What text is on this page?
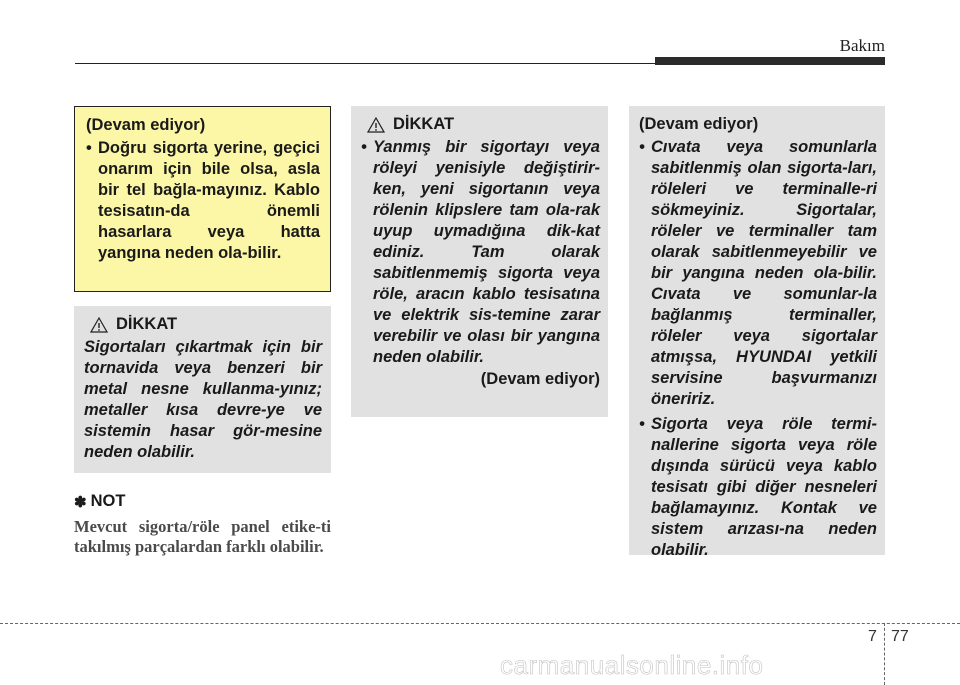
Bakım
(Devam ediyor)
• Doğru sigorta yerine, geçici onarım için bile olsa, asla bir tel bağla-mayınız. Kablo tesisatın-da önemli hasarlara veya hatta yangına neden ola-bilir.
DİKKAT
Sigortaları çıkartmak için bir tornavida veya benzeri bir metal nesne kullanma-yınız; metaller kısa devre-ye ve sistemin hasar gör-mesine neden olabilir.
✽ NOT
Mevcut sigorta/röle panel etike-ti takılmış parçalardan farklı olabilir.
DİKKAT
• Yanmış bir sigortayı veya röleyi yenisiyle değiştirir-ken, yeni sigortanın veya rölenin klipslere tam ola-rak uyup uymadığına dik-kat ediniz. Tam olarak sabitlenmemiş sigorta veya röle, aracın kablo tesisatına ve elektrik sis-temine zarar verebilir ve olası bir yangına neden olabilir.
(Devam ediyor)
(Devam ediyor)
• Cıvata veya somunlarla sabitlenmiş olan sigorta-ları, röleleri ve terminalle-ri sökmeyiniz. Sigortalar, röleler ve terminaller tam olarak sabitlenmeyebilir ve bir yangına neden ola-bilir. Cıvata ve somunlar-la bağlanmış terminaller, röleler veya sigortalar atmışsa, HYUNDAI yetkili servisine başvurmanızı öneririz.
• Sigorta veya röle termi-nallerine sigorta veya röle dışında sürücü veya kablo tesisatı gibi diğer nesneleri bağlamayınız. Kontak ve sistem arızası-na neden olabilir.
7 77
carmanualsonline.info
